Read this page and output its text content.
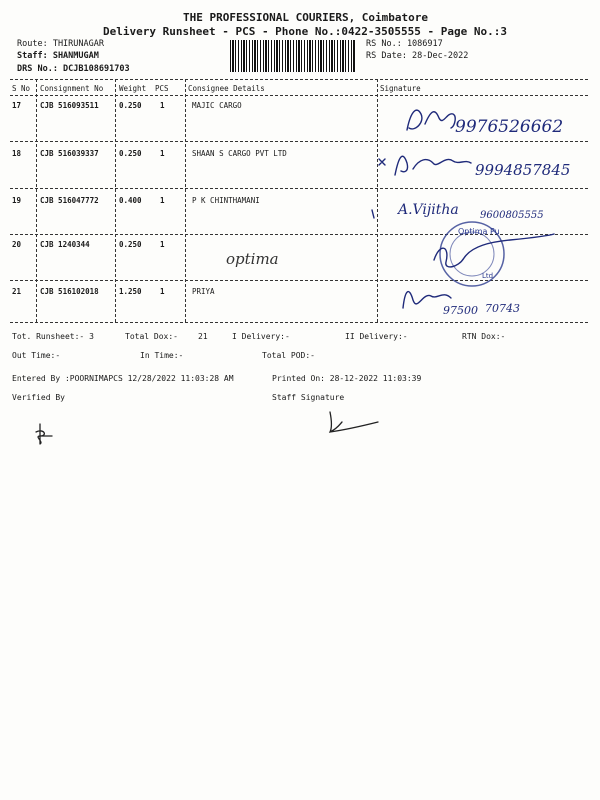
THE PROFESSIONAL COURIERS, Coimbatore
Delivery Runsheet - PCS - Phone No.:0422-3505555 - Page No.:3
Route: THIRUNAGAR
Staff: SHANMUGAM
DRS No.: DCJB108691703
RS No.: 1086917
RS Date: 28-Dec-2022
S No Consignment No Weight PCS	Consignee Details	Signature
17	CJB 516093511	0.250 1	MAJIC CARGO
18	CJB 516039337	0.250 1	SHAAN S CARGO PVT LTD
19	CJB 516047772	0.400 1	P K CHINTHAMANI
20	CJB 1240344	0.250 1
21	CJB 516102018	1.250 1	PRIYA
9976526662
9994857845
A.Vijitha 9600805555
optima
Optima Pu
Ltd
97500 70743
Tot. Runsheet:- 3	Total Dox:-	21	I Delivery:-	II Delivery:-	RTN Dox:-
Out Time:-	In Time:-	Total POD:-
Entered By :POORNIMAPCS 12/28/2022 11:03:28 AM	Printed On: 28-12-2022 11:03:39
Verified By	Staff Signature
